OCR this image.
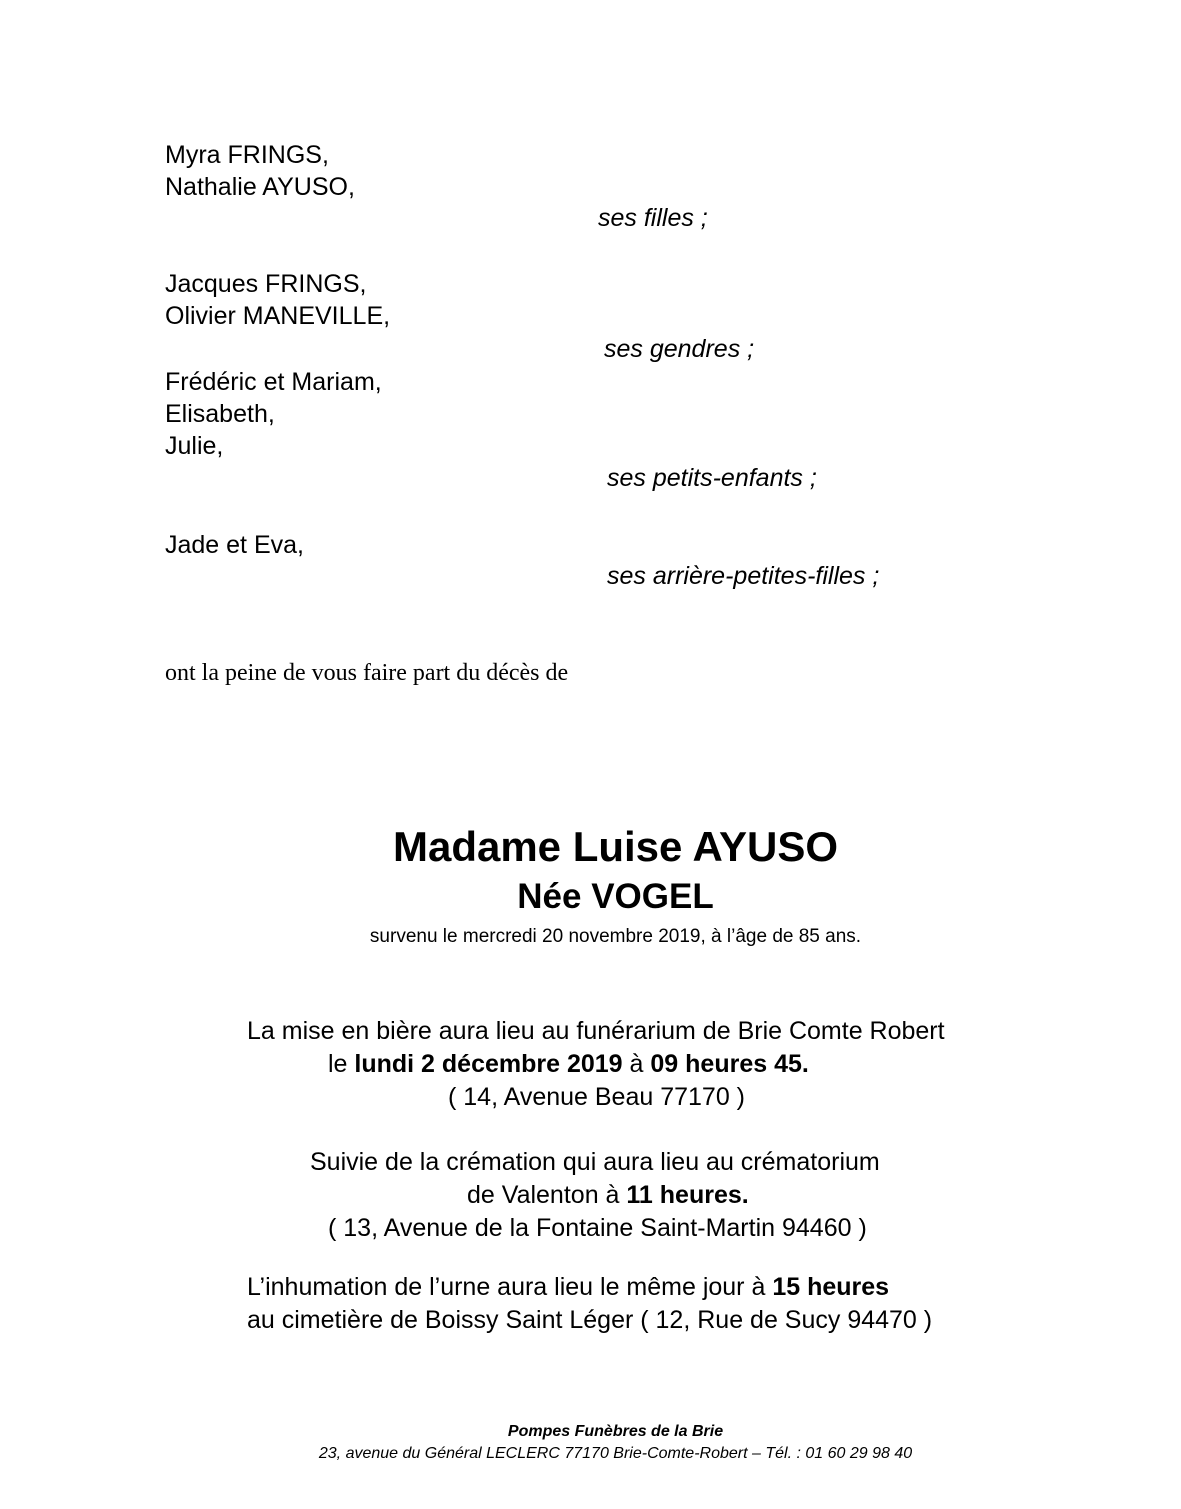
Myra FRINGS,
Nathalie AYUSO,
ses filles ;
Jacques FRINGS,
Olivier MANEVILLE,
ses gendres ;
Frédéric et Mariam,
Elisabeth,
Julie,
ses petits-enfants ;
Jade et Eva,
ses arrière-petites-filles ;
ont la peine de vous faire part du décès de
Madame Luise AYUSO
Née VOGEL
survenu le mercredi 20 novembre 2019, à l’âge de 85 ans.
La mise en bière aura lieu au funérarium de Brie Comte Robert
le lundi 2 décembre 2019 à 09 heures 45.
( 14, Avenue Beau 77170 )
Suivie de la crémation qui aura lieu au crématorium
de Valenton à 11 heures.
( 13, Avenue de la Fontaine Saint-Martin 94460 )
L’inhumation de l’urne aura lieu le même jour à 15 heures
au cimetière de Boissy Saint Léger ( 12, Rue de Sucy 94470 )
Pompes Funèbres de la Brie
23, avenue du Général LECLERC 77170 Brie-Comte-Robert – Tél. : 01 60 29 98 40
